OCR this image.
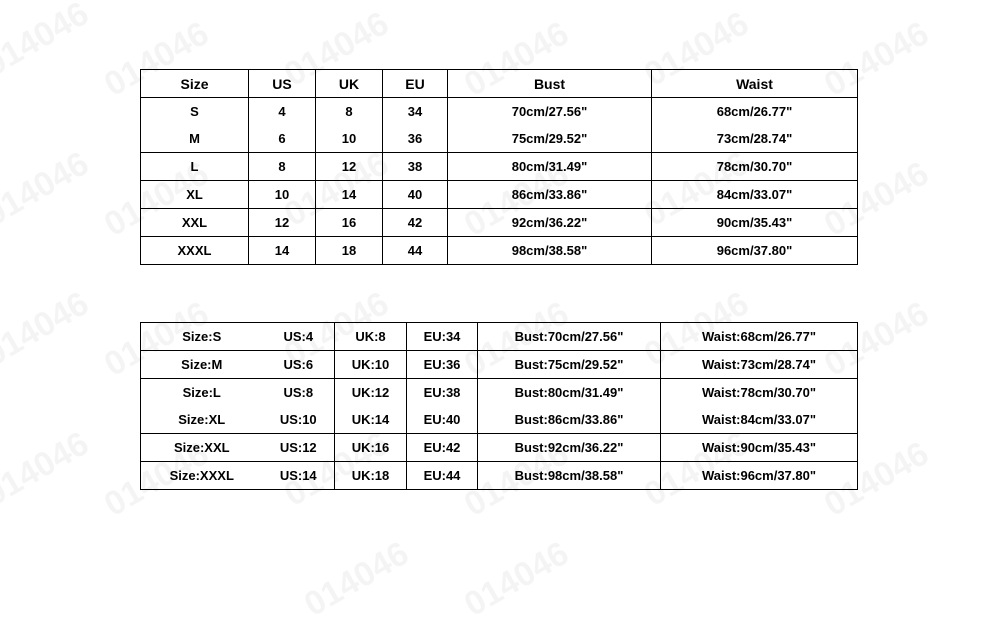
Size	US	UK	EU	Bust	Waist
S	4	8	34	70cm/27.56"	68cm/26.77"
M	6	10	36	75cm/29.52"	73cm/28.74"
L	8	12	38	80cm/31.49"	78cm/30.70"
XL	10	14	40	86cm/33.86"	84cm/33.07"
XXL	12	16	42	92cm/36.22"	90cm/35.43"
XXXL	14	18	44	98cm/38.58"	96cm/37.80"
Size:S	US:4	UK:8	EU:34	Bust:70cm/27.56"	Waist:68cm/26.77"
Size:M	US:6	UK:10	EU:36	Bust:75cm/29.52"	Waist:73cm/28.74"
Size:L	US:8	UK:12	EU:38	Bust:80cm/31.49"	Waist:78cm/30.70"
Size:XL	US:10	UK:14	EU:40	Bust:86cm/33.86"	Waist:84cm/33.07"
Size:XXL	US:12	UK:16	EU:42	Bust:92cm/36.22"	Waist:90cm/35.43"
Size:XXXL	US:14	UK:18	EU:44	Bust:98cm/38.58"	Waist:96cm/37.80"
